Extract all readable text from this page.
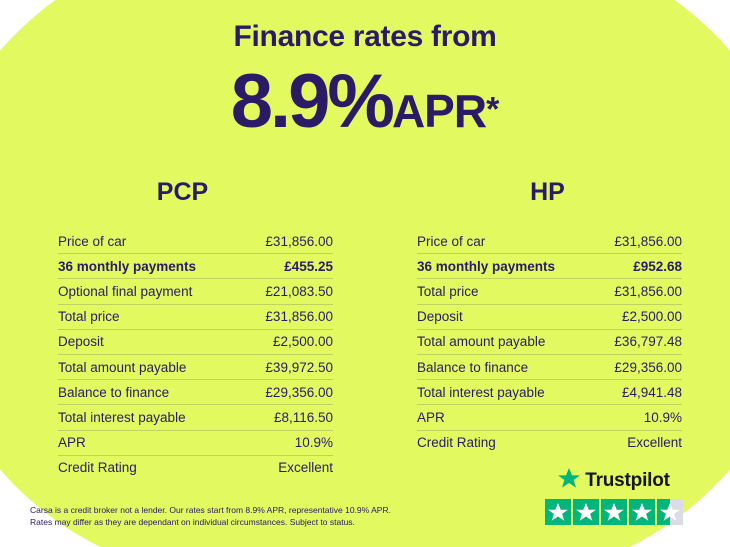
Finance rates from
8.9%APR*
PCP
Price of car	£31,856.00
36 monthly payments	£455.25
Optional final payment	£21,083.50
Total price	£31,856.00
Deposit	£2,500.00
Total amount payable	£39,972.50
Balance to finance	£29,356.00
Total interest payable	£8,116.50
APR	10.9%
Credit Rating	Excellent
HP
Price of car	£31,856.00
36 monthly payments	£952.68
Total price	£31,856.00
Deposit	£2,500.00
Total amount payable	£36,797.48
Balance to finance	£29,356.00
Total interest payable	£4,941.48
APR	10.9%
Credit Rating	Excellent
Carsa is a credit broker not a lender. Our rates start from 8.9% APR, representative 10.9% APR.
Rates may differ as they are dependant on individual circumstances. Subject to status.
Trustpilot
